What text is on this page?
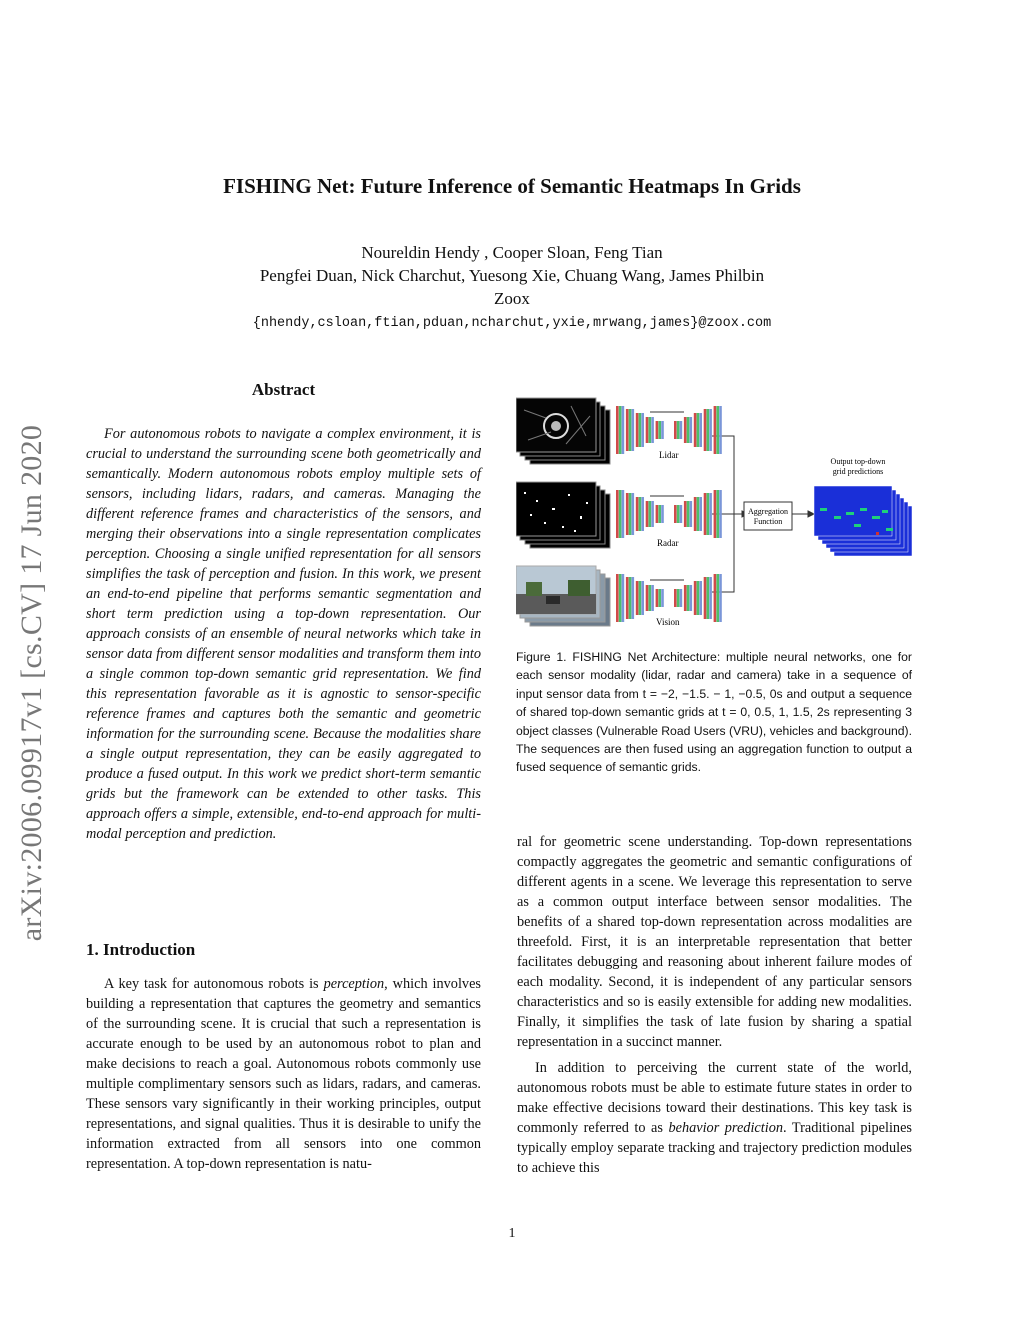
FISHING Net: Future Inference of Semantic Heatmaps In Grids
Noureldin Hendy , Cooper Sloan, Feng Tian
Pengfei Duan, Nick Charchut, Yuesong Xie, Chuang Wang, James Philbin
Zoox
{nhendy,csloan,ftian,pduan,ncharchut,yxie,mrwang,james}@zoox.com
arXiv:2006.09917v1 [cs.CV] 17 Jun 2020
Abstract

For autonomous robots to navigate a complex environment, it is crucial to understand the surrounding scene both geometrically and semantically. Modern autonomous robots employ multiple sets of sensors, including lidars, radars, and cameras. Managing the different reference frames and characteristics of the sensors, and merging their observations into a single representation complicates perception. Choosing a single unified representation for all sensors simplifies the task of perception and fusion. In this work, we present an end-to-end pipeline that performs semantic segmentation and short term prediction using a top-down representation. Our approach consists of an ensemble of neural networks which take in sensor data from different sensor modalities and transform them into a single common top-down semantic grid representation. We find this representation favorable as it is agnostic to sensor-specific reference frames and captures both the semantic and geometric information for the surrounding scene. Because the modalities share a single output representation, they can be easily aggregated to produce a fused output. In this work we predict short-term semantic grids but the framework can be extended to other tasks. This approach offers a simple, extensible, end-to-end approach for multi-modal perception and prediction.

1. Introduction

A key task for autonomous robots is perception, which involves building a representation that captures the geometry and semantics of the surrounding scene. It is crucial that such a representation is accurate enough to be used by an autonomous robot to plan and make decisions to reach a goal. Autonomous robots commonly use multiple complimentary sensors such as lidars, radars, and cameras. These sensors vary significantly in their working principles, output representations, and signal qualities. Thus it is desirable to unify the information extracted from all sensors into one common representation. A top-down representation is natu-

Lidar
Radar
Vision
Aggregation
Function
Output top-down
grid predictions
Figure 1. FISHING Net Architecture: multiple neural networks, one for each sensor modality (lidar, radar and camera) take in a sequence of input sensor data from t = −2, −1.5. − 1, −0.5, 0s and output a sequence of shared top-down semantic grids at t = 0, 0.5, 1, 1.5, 2s representing 3 object classes (Vulnerable Road Users (VRU), vehicles and background). The sequences are then fused using an aggregation function to output a fused sequence of semantic grids.

ral for geometric scene understanding. Top-down representations compactly aggregates the geometric and semantic configurations of different agents in a scene. We leverage this representation to serve as a common output interface between sensor modalities. The benefits of a shared top-down representation across modalities are threefold. First, it is an interpretable representation that better facilitates debugging and reasoning about inherent failure modes of each modality. Second, it is independent of any particular sensors characteristics and so is easily extensible for adding new modalities. Finally, it simplifies the task of late fusion by sharing a spatial representation in a succinct manner.

In addition to perceiving the current state of the world, autonomous robots must be able to estimate future states in order to make effective decisions toward their destinations. This key task is commonly referred to as behavior prediction. Traditional pipelines typically employ separate tracking and trajectory prediction modules to achieve this

1
